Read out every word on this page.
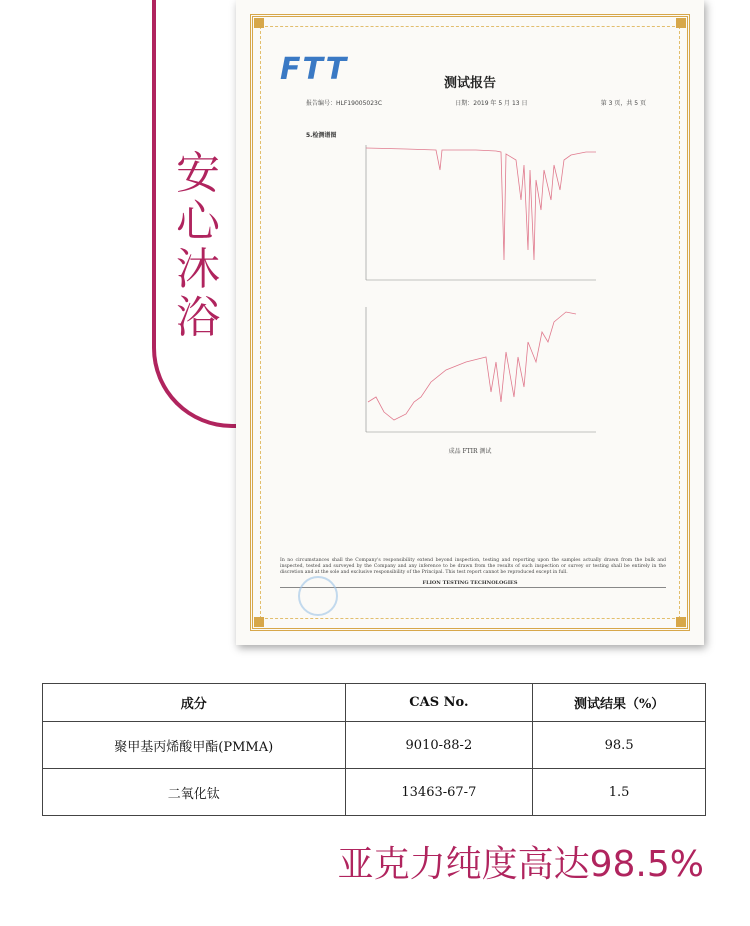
安
心
沐
浴
FTT	测试报告
报告编号：HLF19005023C	日期：2019 年 5 月 13 日	第 3 页，共 5 页
5.检测谱图
成品 FTIR 测试
In no circumstances shall the Company's responsibility extend beyond inspection, testing and reporting upon the samples actually drawn from the bulk and inspected, tested and surveyed by the Company and any inference to be drawn from the results of such inspection or survey or testing shall be entirely in the discretion and at the sole and exclusive responsibility of the Principal. This test report cannot be reproduced except in full.
FLION TESTING TECHNOLOGIES
成分	CAS No.	测试结果（%）
聚甲基丙烯酸甲酯(PMMA)	9010-88-2	98.5
二氧化钛	13463-67-7	1.5
亚克力纯度高达98.5%
